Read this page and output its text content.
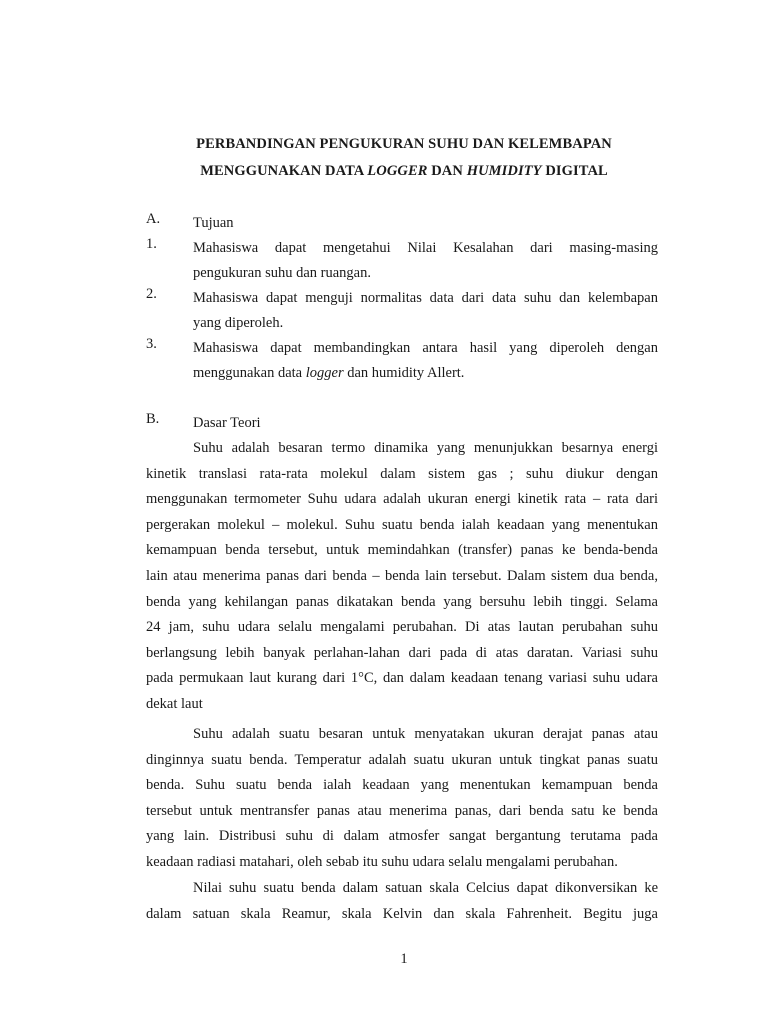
PERBANDINGAN PENGUKURAN SUHU DAN KELEMBAPAN
MENGGUNAKAN DATA LOGGER DAN HUMIDITY DIGITAL
A. Tujuan
1. Mahasiswa dapat mengetahui Nilai Kesalahan dari masing-masing
pengukuran suhu dan ruangan.
2. Mahasiswa dapat menguji normalitas data dari data suhu dan kelembapan
yang diperoleh.
3. Mahasiswa dapat membandingkan antara hasil yang diperoleh dengan
menggunakan data logger dan humidity Allert.
B. Dasar Teori
Suhu adalah besaran termo dinamika yang menunjukkan besarnya energi
kinetik translasi rata-rata molekul dalam sistem gas ; suhu diukur dengan
menggunakan termometer Suhu udara adalah ukuran energi kinetik rata – rata dari
pergerakan molekul – molekul. Suhu suatu benda ialah keadaan yang menentukan
kemampuan benda tersebut, untuk memindahkan (transfer) panas ke benda-benda
lain atau menerima panas dari benda – benda lain tersebut. Dalam sistem dua benda,
benda yang kehilangan panas dikatakan benda yang bersuhu lebih tinggi. Selama
24 jam, suhu udara selalu mengalami perubahan. Di atas lautan perubahan suhu
berlangsung lebih banyak perlahan-lahan dari pada di atas daratan. Variasi suhu
pada permukaan laut kurang dari 1°C, dan dalam keadaan tenang variasi suhu udara
dekat laut
Suhu adalah suatu besaran untuk menyatakan ukuran derajat panas atau
dinginnya suatu benda. Temperatur adalah suatu ukuran untuk tingkat panas suatu
benda. Suhu suatu benda ialah keadaan yang menentukan kemampuan benda
tersebut untuk mentransfer panas atau menerima panas, dari benda satu ke benda
yang lain. Distribusi suhu di dalam atmosfer sangat bergantung terutama pada
keadaan radiasi matahari, oleh sebab itu suhu udara selalu mengalami perubahan.
Nilai suhu suatu benda dalam satuan skala Celcius dapat dikonversikan ke
dalam satuan skala Reamur, skala Kelvin dan skala Fahrenheit. Begitu juga
1
